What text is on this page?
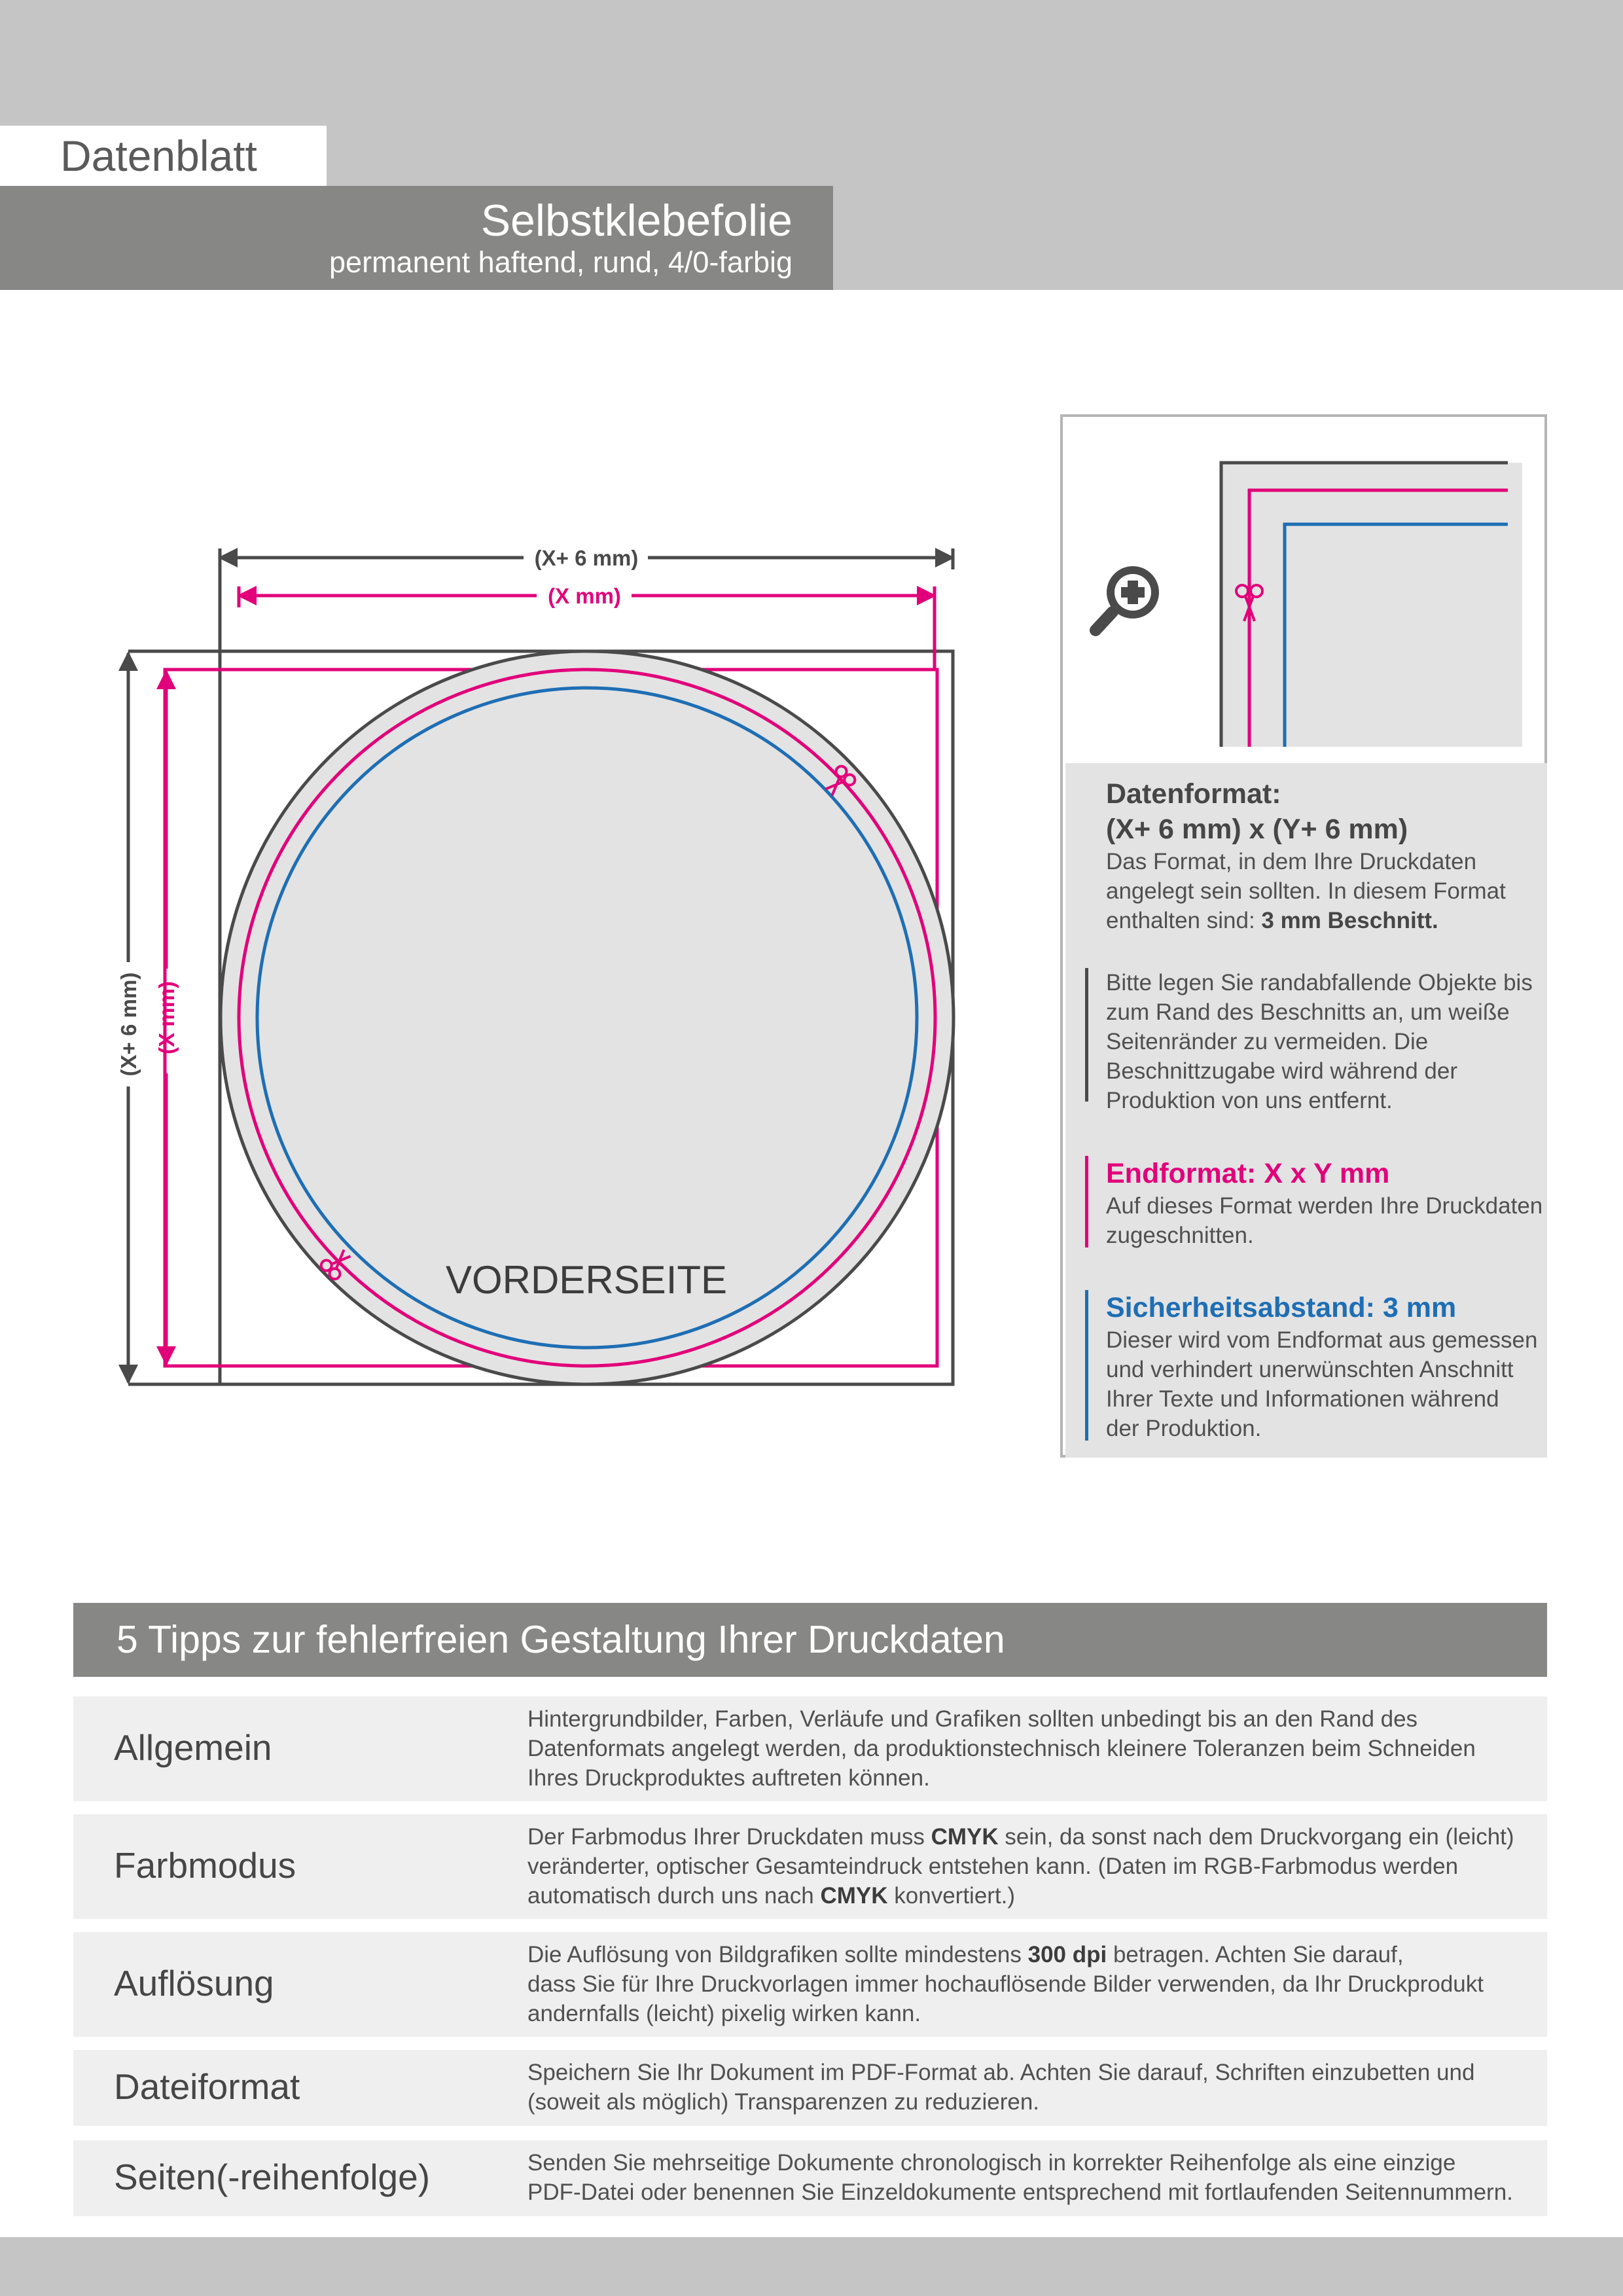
Datenblatt
Selbstklebefolie
permanent haftend, rund, 4/0-farbig
(X+ 6 mm)
(X mm)
(X+ 6 mm) (X mm)
VORDERSEITE
Datenformat:
(X+ 6 mm) x (Y+ 6 mm)
Das Format, in dem Ihre Druckdaten
angelegt sein sollten. In diesem Format
enthalten sind: 3 mm Beschnitt.
Bitte legen Sie randabfallende Objekte bis
zum Rand des Beschnitts an, um weiße
Seitenränder zu vermeiden. Die
Beschnittzugabe wird während der
Produktion von uns entfernt.
Endformat: X x Y mm
Auf dieses Format werden Ihre Druckdaten
zugeschnitten.
Sicherheitsabstand: 3 mm
Dieser wird vom Endformat aus gemessen
und verhindert unerwünschten Anschnitt
Ihrer Texte und Informationen während
der Produktion.
5 Tipps zur fehlerfreien Gestaltung Ihrer Druckdaten
Allgemein
Hintergrundbilder, Farben, Verläufe und Grafiken sollten unbedingt bis an den Rand des
Datenformats angelegt werden, da produktionstechnisch kleinere Toleranzen beim Schneiden
Ihres Druckproduktes auftreten können.
Farbmodus
Der Farbmodus Ihrer Druckdaten muss CMYK sein, da sonst nach dem Druckvorgang ein (leicht)
veränderter, optischer Gesamteindruck entstehen kann. (Daten im RGB-Farbmodus werden
automatisch durch uns nach CMYK konvertiert.)
Auflösung
Die Auflösung von Bildgrafiken sollte mindestens 300 dpi betragen. Achten Sie darauf,
dass Sie für Ihre Druckvorlagen immer hochauflösende Bilder verwenden, da Ihr Druckprodukt
andernfalls (leicht) pixelig wirken kann.
Dateiformat	Speichern Sie Ihr Dokument im PDF-Format ab. Achten Sie darauf, Schriften einzubetten und
(soweit als möglich) Transparenzen zu reduzieren.
Seiten(-reihenfolge)	Senden Sie mehrseitige Dokumente chronologisch in korrekter Reihenfolge als eine einzige
PDF-Datei oder benennen Sie Einzeldokumente entsprechend mit fortlaufenden Seitennummern.
